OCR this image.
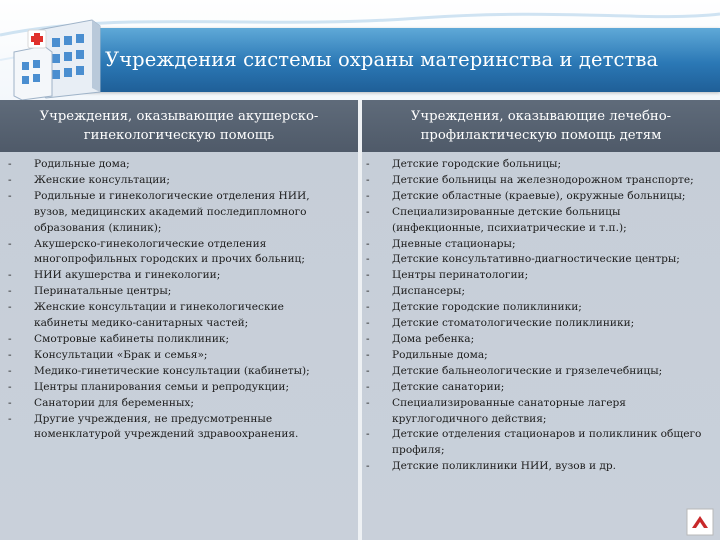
Учреждения системы охраны материнства и детства
Учреждения, оказывающие акушерско-гинекологическую помощь
Учреждения, оказывающие лечебно-профилактическую помощь детям
- Родильные дома;
- Женские консультации;
- Родильные и гинекологические отделения НИИ, вузов, медицинских академий последипломного образования (клиник);
- Акушерско-гинекологические отделения многопрофильных городских и прочих больниц;
- НИИ акушерства и гинекологии;
- Перинатальные центры;
- Женские консультации и гинекологические кабинеты медико-санитарных частей;
- Смотровые кабинеты поликлиник;
- Консультации «Брак и семья»;
- Медико-гинетические консультации (кабинеты);
- Центры планирования семьи и репродукции;
- Санатории для беременных;
- Другие учреждения, не предусмотренные номенклатурой учреждений здравоохранения.
- Детские городские больницы;
- Детские больницы на железнодорожном транспорте;
- Детские областные (краевые), окружные больницы;
- Специализированные детские больницы (инфекционные, психиатрические и т.п.);
- Дневные стационары;
- Детские консультативно-диагностические центры;
- Центры перинатологии;
- Диспансеры;
- Детские городские поликлиники;
- Детские стоматологические поликлиники;
- Дома ребенка;
- Родильные дома;
- Детские бальнеологические и грязелечебницы;
- Детские санатории;
- Специализированные санаторные лагеря круглогодичного действия;
- Детские отделения стационаров и поликлиник общего профиля;
- Детские поликлиники НИИ, вузов и др.
